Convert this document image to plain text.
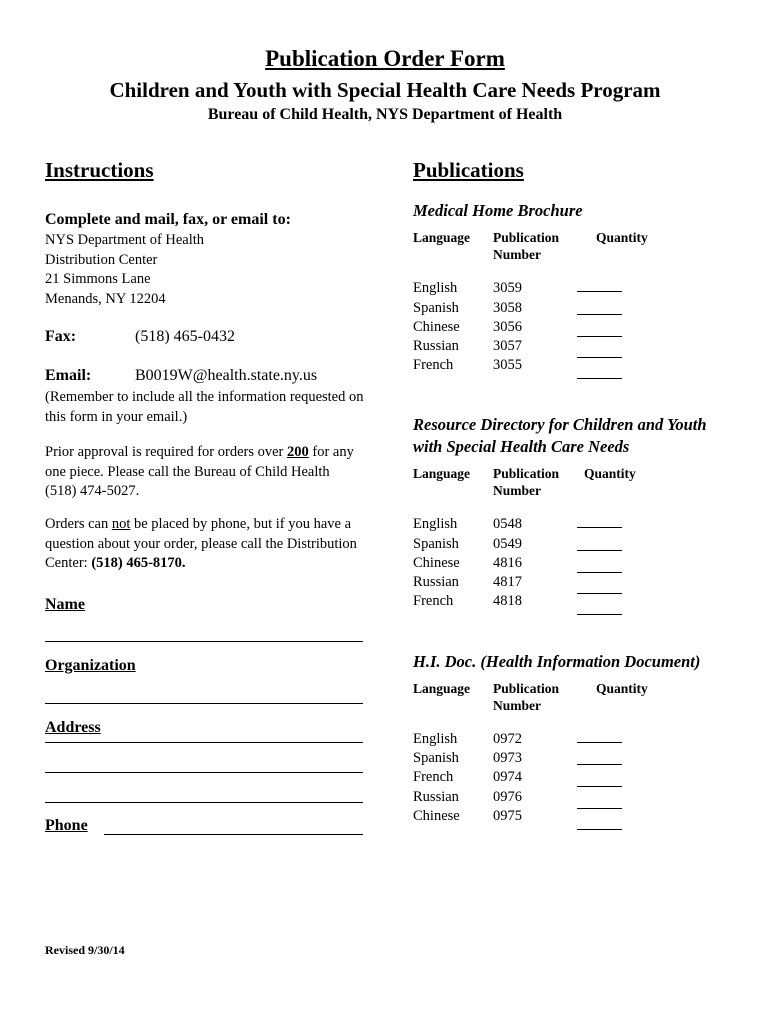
Publication Order Form
Children and Youth with Special Health Care Needs Program
Bureau of Child Health, NYS Department of Health
Instructions
Complete and mail, fax, or email to:
NYS Department of Health
Distribution Center
21 Simmons Lane
Menands, NY 12204
Fax:	(518) 465-0432
Email:	B0019W@health.state.ny.us
(Remember to include all the information requested on this form in your email.)
Prior approval is required for orders over 200 for any one piece. Please call the Bureau of Child Health (518) 474-5027.
Orders can not be placed by phone, but if you have a question about your order, please call the Distribution Center: (518) 465-8170.
Name
Organization
Address
Phone
Revised 9/30/14
Publications
Medical Home Brochure
Language Publication
Number
Quantity
English 3059
Spanish 3058
Chinese 3056
Russian 3057
French	3055
Resource Directory for Children and Youth
with Special Health Care Needs
Language Publication
Number
Quantity
English 0548
Spanish 0549
Chinese 4816
Russian 4817
French	4818
H.I. Doc. (Health Information Document)
Language Publication
Number
Quantity
English 0972
Spanish 0973
French	0974
Russian 0976
Chinese 0975
